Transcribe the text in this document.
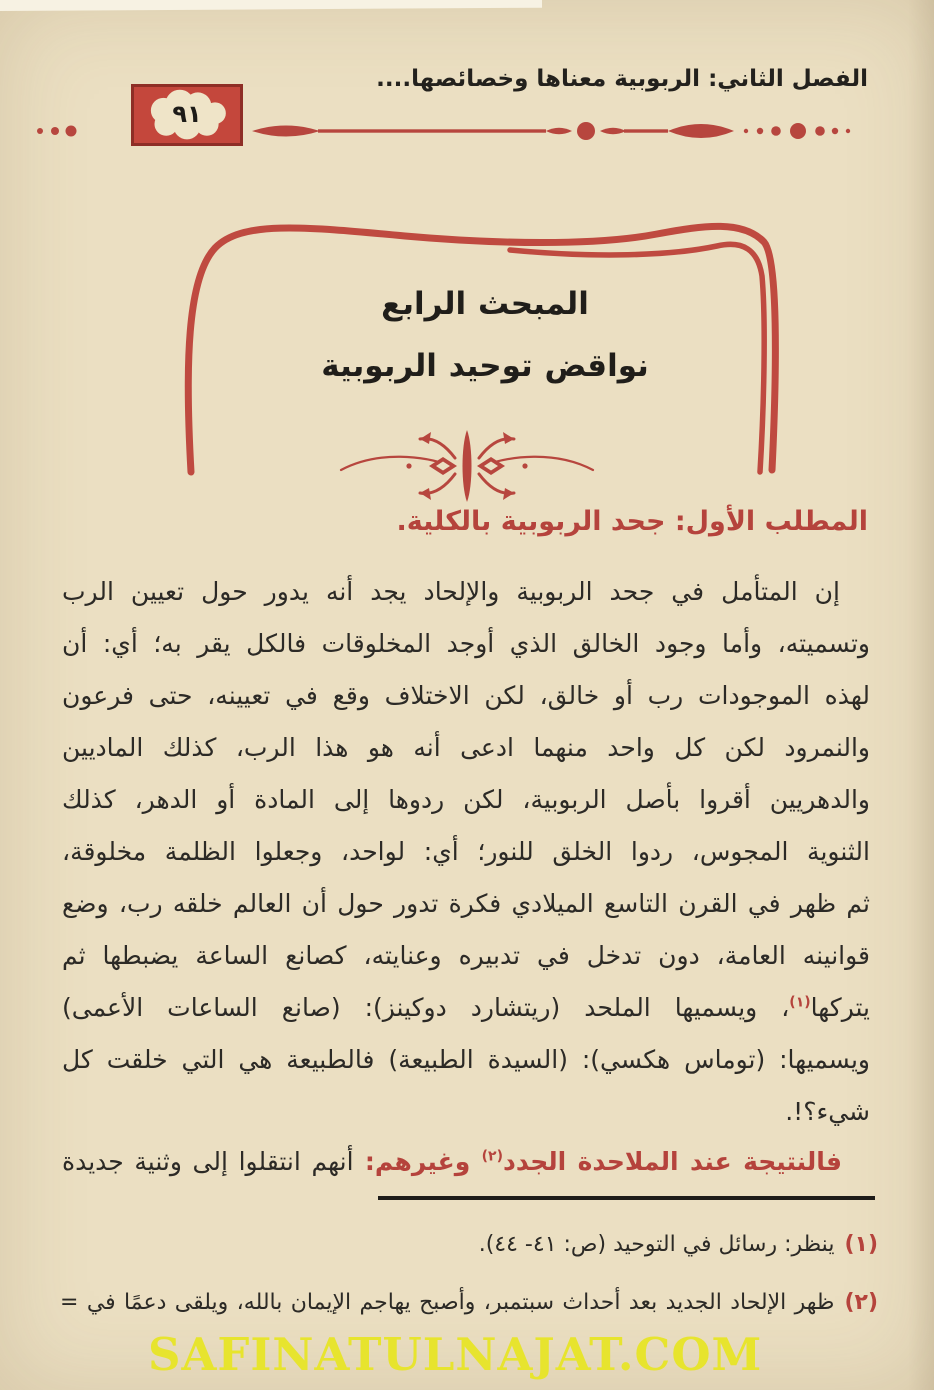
الفصل الثاني: الربوبية معناها وخصائصها....
٩١
المبحث الرابع
نواقض توحيد الربوبية
المطلب الأول: جحد الربوبية بالكلية.
إن المتأمل في جحد الربوبية والإلحاد يجد أنه يدور حول تعيين الرب
وتسميته، وأما وجود الخالق الذي أوجد المخلوقات فالكل يقر به؛ أي: أن
لهذه الموجودات رب أو خالق، لكن الاختلاف وقع في تعيينه، حتى فرعون
والنمرود لكن كل واحد منهما ادعى أنه هو هذا الرب، كذلك الماديين
والدهريين أقروا بأصل الربوبية، لكن ردوها إلى المادة أو الدهر، كذلك
الثنوية المجوس، ردوا الخلق للنور؛ أي: لواحد، وجعلوا الظلمة مخلوقة،
ثم ظهر في القرن التاسع الميلادي فكرة تدور حول أن العالم خلقه رب، وضع
قوانينه العامة، دون تدخل في تدبيره وعنايته، كصانع الساعة يضبطها ثم
يتركها$^{(١)}$، ويسميها الملحد (ريتشارد دوكينز): (صانع الساعات الأعمى)
ويسميها: (توماس هكسي): (السيدة الطبيعة) فالطبيعة هي التي خلقت كل
شيء؟!.
فالنتيجة عند الملاحدة الجدد$^{(٢)}$ وغيرهم: أنهم انتقلوا إلى وثنية جديدة
(١)
ينظر: رسائل في التوحيد (ص: ٤١- ٤٤).
(٢)
ظهر الإلحاد الجديد بعد أحداث سبتمبر، وأصبح يهاجم الإيمان بالله، ويلقى دعمًا في =
SAFINATULNAJAT.COM
